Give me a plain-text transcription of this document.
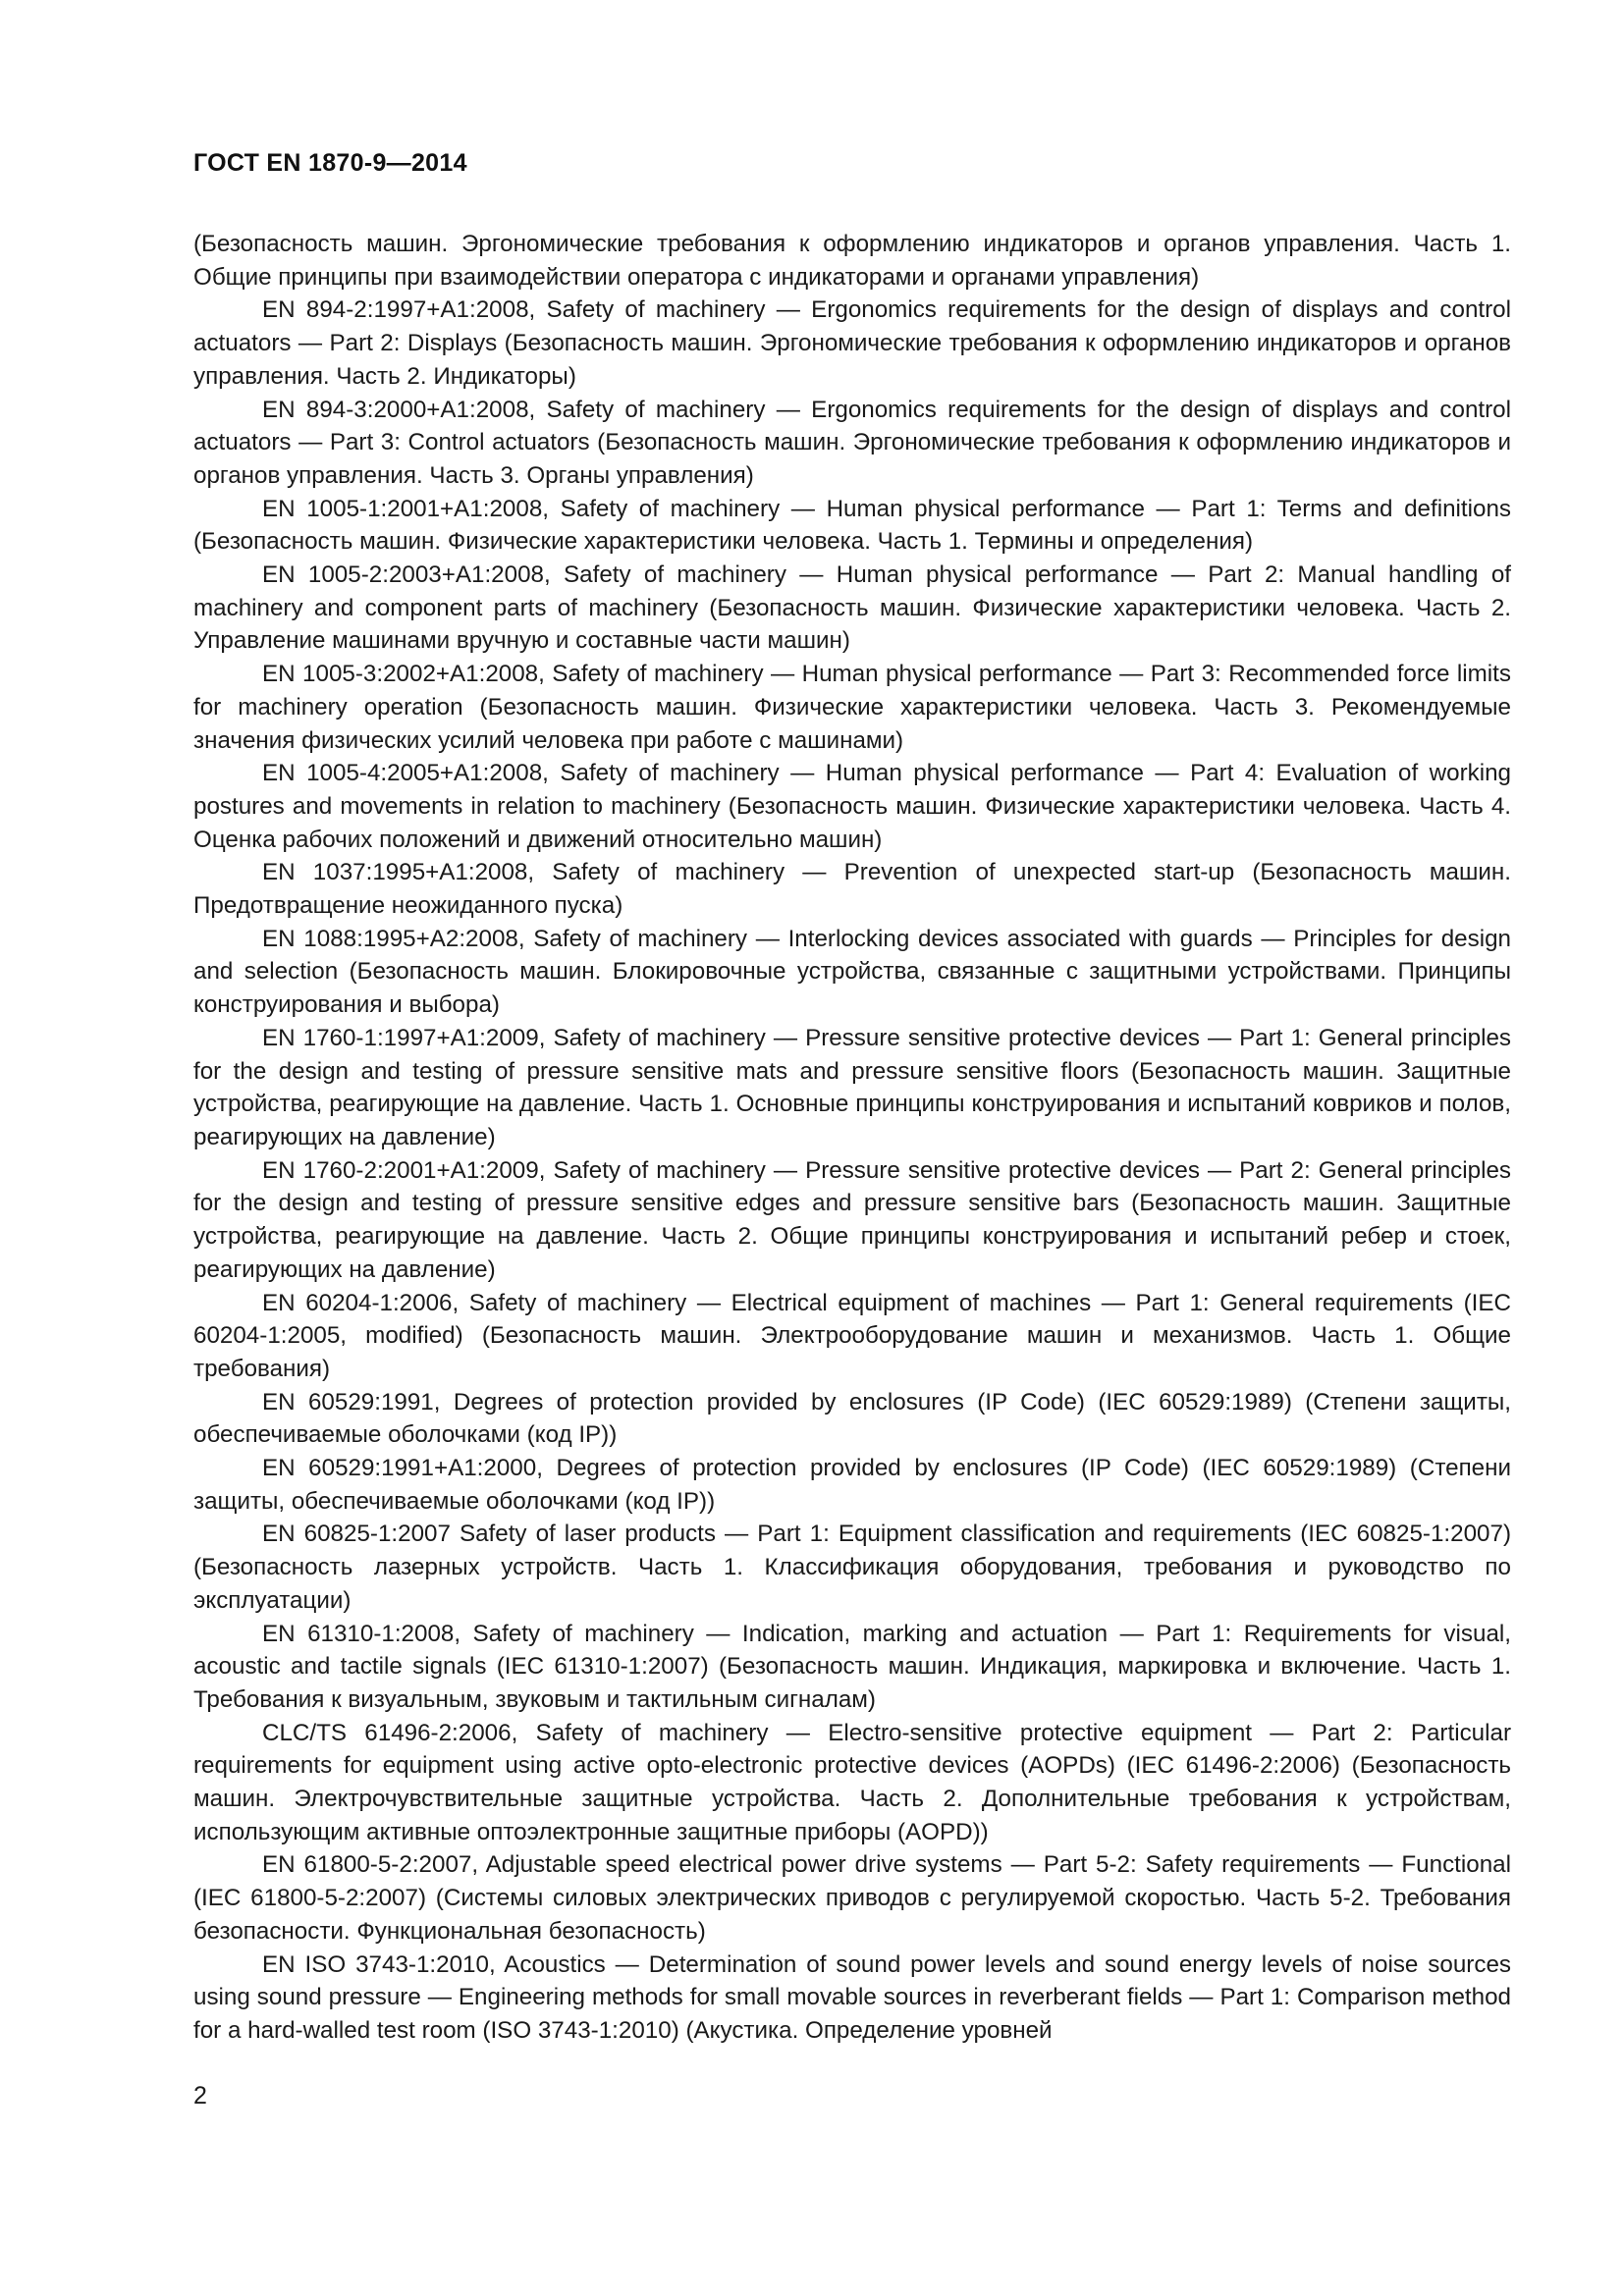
ГОСТ EN 1870-9—2014

(Безопасность машин. Эргономические требования к оформлению индикаторов и органов управления. Часть 1. Общие принципы при взаимодействии оператора с индикаторами и органами управления)

EN 894-2:1997+A1:2008, Safety of machinery — Ergonomics requirements for the design of displays and control actuators — Part 2: Displays (Безопасность машин. Эргономические требования к оформлению индикаторов и органов управления. Часть 2. Индикаторы)

EN 894-3:2000+A1:2008, Safety of machinery — Ergonomics requirements for the design of displays and control actuators — Part 3: Control actuators (Безопасность машин. Эргономические требования к оформлению индикаторов и органов управления. Часть 3. Органы управления)

EN 1005-1:2001+A1:2008, Safety of machinery — Human physical performance — Part 1: Terms and definitions (Безопасность машин. Физические характеристики человека. Часть 1. Термины и определения)

EN 1005-2:2003+A1:2008, Safety of machinery — Human physical performance — Part 2: Manual handling of machinery and component parts of machinery (Безопасность машин. Физические характеристики человека. Часть 2. Управление машинами вручную и составные части машин)

EN 1005-3:2002+A1:2008, Safety of machinery — Human physical performance — Part 3: Recommended force limits for machinery operation (Безопасность машин. Физические характеристики человека. Часть 3. Рекомендуемые значения физических усилий человека при работе с машинами)

EN 1005-4:2005+A1:2008, Safety of machinery — Human physical performance — Part 4: Evaluation of working postures and movements in relation to machinery (Безопасность машин. Физические характеристики человека. Часть 4. Оценка рабочих положений и движений относительно машин)

EN 1037:1995+A1:2008, Safety of machinery — Prevention of unexpected start-up (Безопасность машин. Предотвращение неожиданного пуска)

EN 1088:1995+A2:2008, Safety of machinery — Interlocking devices associated with guards — Principles for design and selection (Безопасность машин. Блокировочные устройства, связанные с защитными устройствами. Принципы конструирования и выбора)

EN 1760-1:1997+A1:2009, Safety of machinery — Pressure sensitive protective devices — Part 1: General principles for the design and testing of pressure sensitive mats and pressure sensitive floors (Безопасность машин. Защитные устройства, реагирующие на давление. Часть 1. Основные принципы конструирования и испытаний ковриков и полов, реагирующих на давление)

EN 1760-2:2001+A1:2009, Safety of machinery — Pressure sensitive protective devices — Part 2: General principles for the design and testing of pressure sensitive edges and pressure sensitive bars (Безопасность машин. Защитные устройства, реагирующие на давление. Часть 2. Общие принципы конструирования и испытаний ребер и стоек, реагирующих на давление)

EN 60204-1:2006, Safety of machinery — Electrical equipment of machines — Part 1: General requirements (IEC 60204-1:2005, modified) (Безопасность машин. Электрооборудование машин и механизмов. Часть 1. Общие требования)

EN 60529:1991, Degrees of protection provided by enclosures (IP Code) (IEC 60529:1989) (Степени защиты, обеспечиваемые оболочками (код IP))

EN 60529:1991+A1:2000, Degrees of protection provided by enclosures (IP Code) (IEC 60529:1989) (Степени защиты, обеспечиваемые оболочками (код IP))

EN 60825-1:2007 Safety of laser products — Part 1: Equipment classification and requirements (IEC 60825-1:2007) (Безопасность лазерных устройств. Часть 1. Классификация оборудования, требования и руководство по эксплуатации)

EN 61310-1:2008, Safety of machinery — Indication, marking and actuation — Part 1: Requirements for visual, acoustic and tactile signals (IEC 61310-1:2007) (Безопасность машин. Индикация, маркировка и включение. Часть 1. Требования к визуальным, звуковым и тактильным сигналам)

CLC/TS 61496-2:2006, Safety of machinery — Electro-sensitive protective equipment — Part 2: Particular requirements for equipment using active opto-electronic protective devices (AOPDs) (IEC 61496-2:2006) (Безопасность машин. Электрочувствительные защитные устройства. Часть 2. Дополнительные требования к устройствам, использующим активные оптоэлектронные защитные приборы (AOPD))

EN 61800-5-2:2007, Adjustable speed electrical power drive systems — Part 5-2: Safety requirements — Functional (IEC 61800-5-2:2007) (Системы силовых электрических приводов с регулируемой скоростью. Часть 5-2. Требования безопасности. Функциональная безопасность)

EN ISO 3743-1:2010, Acoustics — Determination of sound power levels and sound energy levels of noise sources using sound pressure — Engineering methods for small movable sources in reverberant fields — Part 1: Comparison method for a hard-walled test room (ISO 3743-1:2010) (Акустика. Определение уровней

2
